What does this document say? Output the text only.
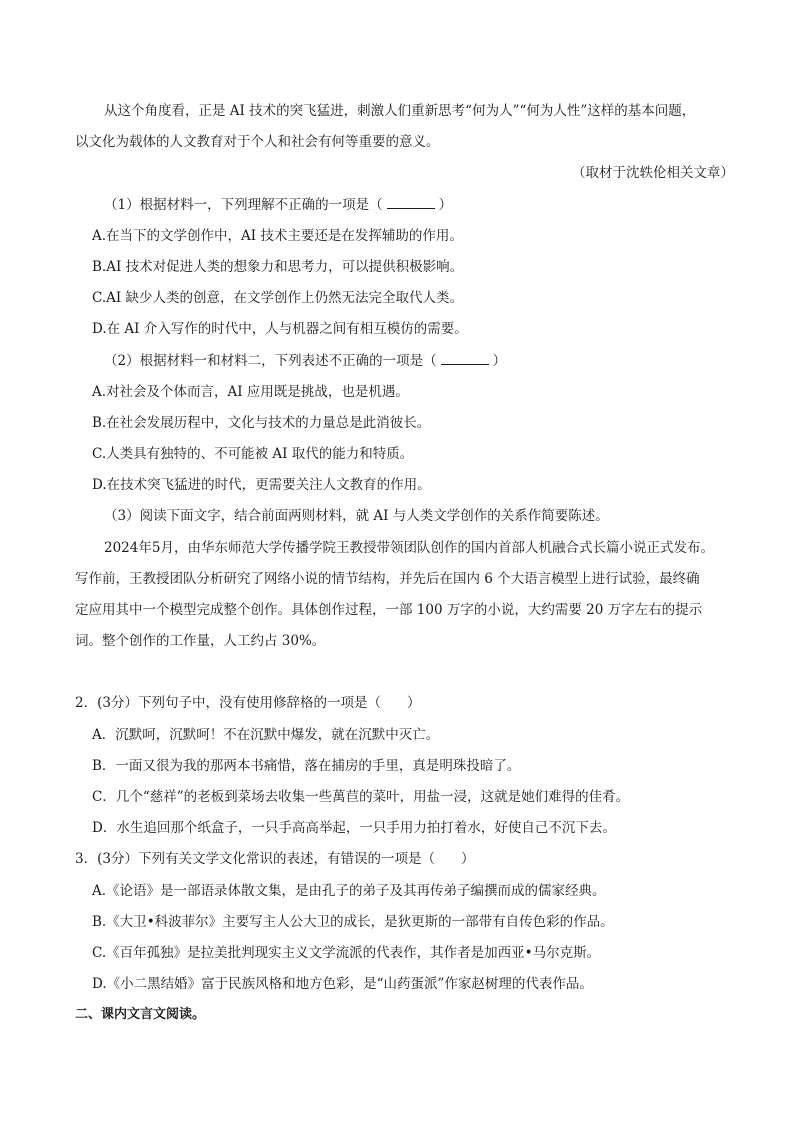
从这个角度看，正是 AI 技术的突飞猛进，刺激人们重新思考“何为人”“何为人性”这样的基本问题，
以文化为载体的人文教育对于个人和社会有何等重要的意义。
（取材于沈轶伦相关文章）
（1）根据材料一，下列理解不正确的一项是（	）
A.在当下的文学创作中，AI 技术主要还是在发挥辅助的作用。
B.AI 技术对促进人类的想象力和思考力，可以提供积极影响。
C.AI 缺少人类的创意，在文学创作上仍然无法完全取代人类。
D.在 AI 介入写作的时代中，人与机器之间有相互模仿的需要。
（2）根据材料一和材料二，下列表述不正确的一项是（	）
A.对社会及个体而言，AI 应用既是挑战，也是机遇。
B.在社会发展历程中，文化与技术的力量总是此消彼长。
C.人类具有独特的、不可能被 AI 取代的能力和特质。
D.在技术突飞猛进的时代，更需要关注人文教育的作用。
（3）阅读下面文字，结合前面两则材料，就 AI 与人类文学创作的关系作简要陈述。
2024年5月，由华东师范大学传播学院王教授带领团队创作的国内首部人机融合式长篇小说正式发布。
写作前，王教授团队分析研究了网络小说的情节结构，并先后在国内 6 个大语言模型上进行试验，最终确
定应用其中一个模型完成整个创作。具体创作过程，一部 100 万字的小说，大约需要 20 万字左右的提示
词。整个创作的工作量，人工约占 30%。
2．(3分）下列句子中，没有使用修辞格的一项是（ ）
A．沉默呵，沉默呵！不在沉默中爆发，就在沉默中灭亡。
B．一面又很为我的那两本书痛惜，落在捕房的手里，真是明珠投暗了。
C．几个“慈祥”的老板到菜场去收集一些萬苣的菜叶，用盐一浸，这就是她们难得的佳肴。
D．水生追回那个纸盒子，一只手高高举起，一只手用力拍打着水，好使自己不沉下去。
3．(3分）下列有关文学文化常识的表述，有错误的一项是（ ）
A.《论语》是一部语录体散文集，是由孔子的弟子及其再传弟子编撰而成的儒家经典。
B.《大卫•科波菲尔》主要写主人公大卫的成长，是狄更斯的一部带有自传色彩的作品。
C.《百年孤独》是拉美批判现实主义文学流派的代表作，其作者是加西亚•马尔克斯。
D.《小二黑结婚》富于民族风格和地方色彩，是“山药蛋派”作家赵树理的代表作品。
二、课内文言文阅读。
